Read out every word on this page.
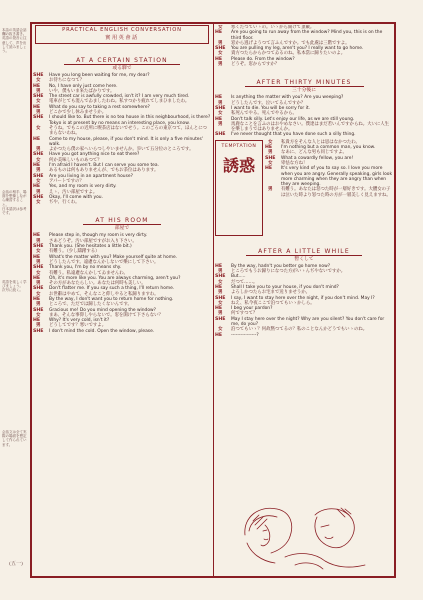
本誌の英語会話欄の抜き書き。
英語の発音に注意して、声を出して読みましょう。
会話の相手、場面を想像しながら練習すること。
日本語訳は参考です。
英語を楽しく学びましょう。
次号に続く。
会話文は全て実際の場面を想定して作られています。
(五一)
PRACTICAL ENGLISH CONVERSATION
實用英會話
AT A CERTAIN STATION
或る驛で
SHE	Have you long been waiting for me, my dear?
女	お待ちになつて？
HE	No, I have only just come here.
男	いや、僕もいま來たばかりです。
SHE	The street car is awfully crowded, isn't it? I am very much tired.
女	電車がとても混んでゐましたわね。私すつかり疲れてしまひましたわ。
HE	What do you say to taking a rest somewhere?
男	どこかで少し休みませうか。
SHE	I should like to. But there is no tea house in this neighbourhood, is there? Tokyo is at present by no means an interesting place, you know.
女	そうね。でもこの近所に喫茶店はないでせう。このごろの東京つて、ほんとにつまらないわね。
HE	Come to my house, please, if you don't mind. It is only a five minutes' walk.
男	よかつたら僕の家へいらつしやいませんか。歩いて五分位のところです。
SHE	Have you got anything nice to eat there?
女	何か美味しいものあつて？
HE	I'm afraid I haven't. But I can serve you some tea.
男	あるものは何もありませんが、でもお茶位はあります。
SHE	Are you living in an apartment house?
女	アパートですの？
HE	Yes, and my room is very dirty.
男	えゝ、汚い部屋ですよ。
SHE	Okay, I'll come with you.
女	ぢや、行くわ。
AT HIS ROOM
部屋で
HE	Please step in, though my room is very dirty.
男	さあどうぞ。汚い部屋ですがお入り下さい。
SHE	Thank you. (She hesitates a little bit.)
女	有難う。（少し躊躇する）
HE	What's the matter with you? Make yourself quite at home.
男	どうしたんです。遠慮なんかしないで樂にして下さい。
SHE	Thank you, I'm by no means shy.
女	有難う。私遠慮なんかしてゐませんわ。
HE	Oh, it's more like you. You are always charming, aren't you?
男	その方があなたらしい。あなたは何時も美しい。
SHE	Don't flatter me. If you say such a thing, I'll return home.
女	お世辭はやめて。そんなこと仰しやると私歸りますわ。
HE	By the way, I don't want you to return home for nothing.
男	ところで、ただでは歸したくないんです。
SHE	Gracious me! Do you mind opening the window?
女	まあ、そんな事仰しやらないで。窓を開けて下さらない？
HE	Why? It's very cold, isn't it?
男	どうしてです？寒いですよ。
SHE	I don't mind the cold. Open the window, please.
女	寒くたつていゝの。いゝから開けて頂戴。
HE	Are you going to run away from the window? Mind you, this is on the third floor.
男	窓から逃げようつて言ふんですか。でも此處は三階ですよ。
SHE	You are pulling my leg, aren't you? I really want to go home.
女	貴方つたらからかつてゐるのね。私本當に歸りたいのよ。
HE	Please do. From the window?
男	どうぞ。窓からですか？
AFTER THIRTY MINUTES
三十分後に
HE	Is anything the matter with you? Are you weeping?
男	どうしたんです。泣いてるんですか？
SHE	I want to die. You will be sorry for it.
女	私死んでやる。死んでやるから。
HE	Don't talk silly. Let's enjoy our life, as we are still young.
男	馬鹿なことを言ふのはおやめなさい。僕達はまだ若いんですからね。大いに人生を樂しまうではありませんか。
SHE	I've never thought that you have done such a silly thing.
TEMPTATION
誘惑
女	私貴方をそんな人とは思はなかつたわ。
HE	I'm nothing but a common man, you know.
男	なあに、どんな男も同じですよ。
SHE	What a cowardly fellow, you are!
女	卑怯な方ね！
HE	It's very kind of you to say so. I love you more when you are angry. Generally speaking, girls look more charming when they are angry than when they are weeping.
男	有難う。あなたは怒つた時が一層好きです。大體女の子は泣いた時より怒つた時の方が一層美しく見えますね。
AFTER A LITTLE WHILE
暫くして
HE	By the way, hadn't you better go home now?
男	ところでもうお歸りになつた方がいゝんぢやないですか。
SHE	But.....
女	だつて……。
HE	Shall I take you to your house, if you don't mind?
男	よろしかつたらお宅まで送りませうか。
SHE	I say, I want to stay here over the night, if you don't mind. May I?
女	ねえ、私今夜ここで泊つてもいゝかしら。
HE	I beg your pardon?
男	何ですつて？
SHE	May I stay here over the night? Why are you silent? You don't care for me, do you?
女	泊つてもいゝ？何故黙つてるの？私のことなんかどうでもいゝのね。
HE	----------------?
